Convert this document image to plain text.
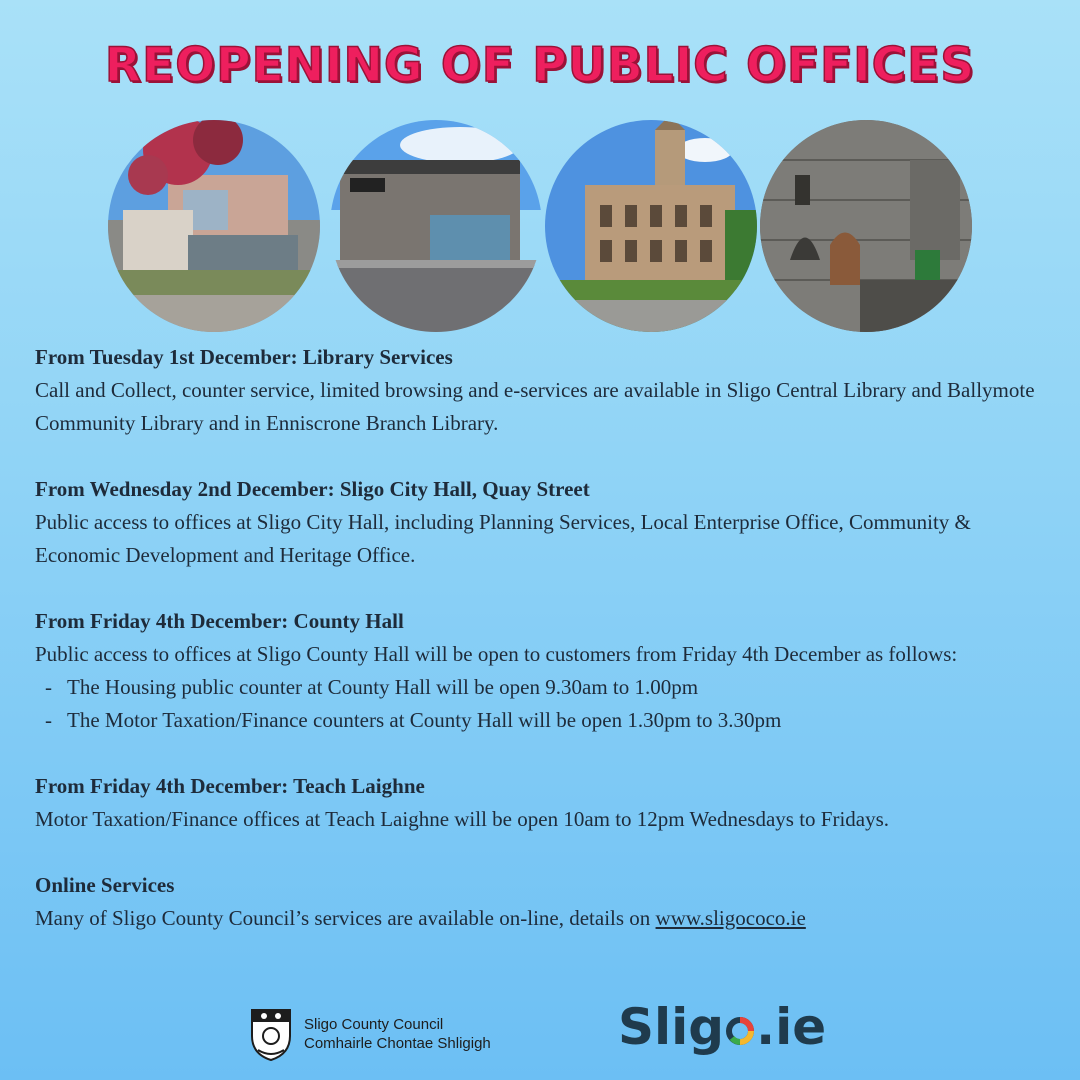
REOPENING OF PUBLIC OFFICES
From Tuesday 1st December: Library Services

Call and Collect, counter service, limited browsing and e-services are available in Sligo Central Library and Ballymote Community Library and in Enniscrone Branch Library.

From Wednesday 2nd December: Sligo City Hall, Quay Street

Public access to offices at Sligo City Hall, including Planning Services, Local Enterprise Office, Community & Economic Development and Heritage Office.

From Friday 4th December: County Hall

Public access to offices at Sligo County Hall will be open to customers from Friday 4th December as follows:

- The Housing public counter at County Hall will be open 9.30am to 1.00pm
- The Motor Taxation/Finance counters at County Hall will be open 1.30pm to 3.30pm
From Friday 4th December: Teach Laighne

Motor Taxation/Finance offices at Teach Laighne will be open 10am to 12pm Wednesdays to Fridays.

Online Services

Many of Sligo County Council’s services are available on-line, details on www.sligococo.ie

Sligo County Council
Comhairle Chontae Shligigh	Slig .ie
